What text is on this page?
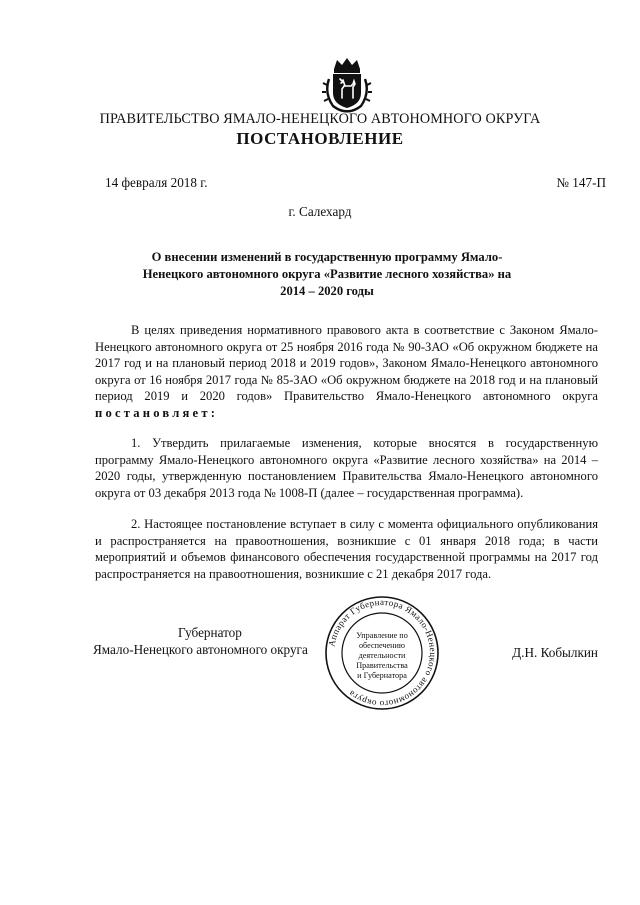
ПРАВИТЕЛЬСТВО ЯМАЛО-НЕНЕЦКОГО АВТОНОМНОГО ОКРУГА
ПОСТАНОВЛЕНИЕ
14 февраля 2018 г.	№ 147-П
г. Салехард
О внесении изменений в государственную программу Ямало-Ненецкого автономного округа «Развитие лесного хозяйства» на 2014 – 2020 годы

В целях приведения нормативного правового акта в соответствие с Законом Ямало-Ненецкого автономного округа от 25 ноября 2016 года № 90-ЗАО «Об окружном бюджете на 2017 год и на плановый период 2018 и 2019 годов», Законом Ямало-Ненецкого автономного округа от 16 ноября 2017 года № 85-ЗАО «Об окружном бюджете на 2018 год и на плановый период 2019 и 2020 годов» Правительство Ямало-Ненецкого автономного округа постановляет:

1. Утвердить прилагаемые изменения, которые вносятся в государственную программу Ямало-Ненецкого автономного округа «Развитие лесного хозяйства» на 2014 – 2020 годы, утвержденную постановлением Правительства Ямало-Ненецкого автономного округа от 03 декабря 2013 года № 1008-П (далее – государственная программа).

2. Настоящее постановление вступает в силу с момента официального опубликования и распространяется на правоотношения, возникшие с 01 января 2018 года; в части мероприятий и объемов финансового обеспечения государственной программы на 2017 год распространяется на правоотношения, возникшие с 21 декабря 2017 года.

Губернатор
Ямало-Ненецкого автономного округа	Аппарат Губернатора Ямало-Ненецкого автономного округа
Управление по
обеспечению
деятельности
Правительства
и Губернатора
Д.Н. Кобылкин
